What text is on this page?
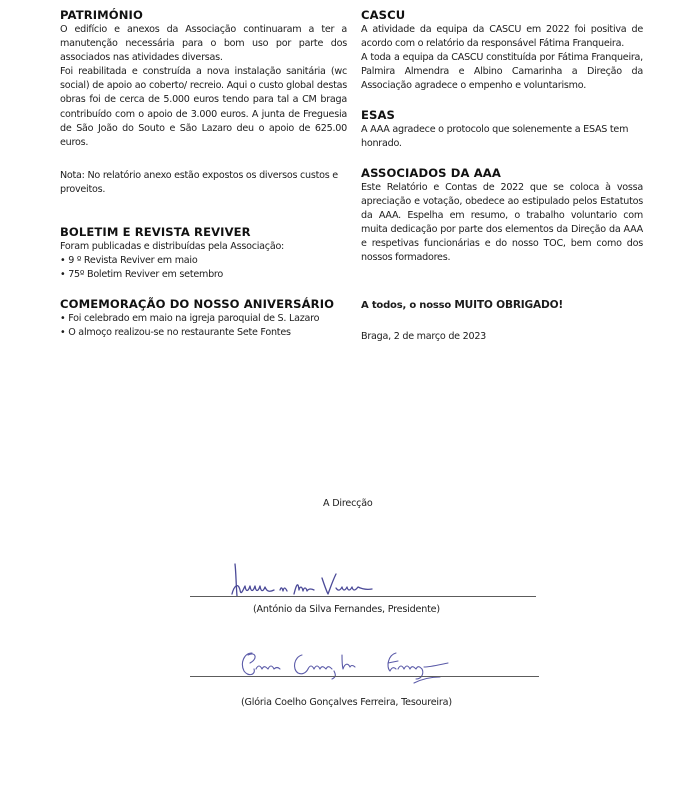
PATRIMÓNIO

O edifício e anexos da Associação continuaram a ter a manutenção necessária para o bom uso por parte dos associados nas atividades diversas.

Foi reabilitada e construída a nova instalação sanitária (wc social) de apoio ao coberto/ recreio. Aqui o custo global destas obras foi de cerca de 5.000 euros tendo para tal a CM braga contribuído com o apoio de 3.000 euros. A junta de Freguesia de São João do Souto e São Lazaro deu o apoio de 625.00 euros.

Nota: No relatório anexo estão expostos os diversos custos e proveitos.

BOLETIM E REVISTA REVIVER

Foram publicadas e distribuídas pela Associação:

• 9 º Revista Reviver em maio
• 75º Boletim Reviver em setembro
COMEMORAÇÃO DO NOSSO ANIVERSÁRIO
• Foi celebrado em maio na igreja paroquial de S. Lazaro
• O almoço realizou-se no restaurante Sete Fontes
CASCU

A atividade da equipa da CASCU em 2022 foi positiva de acordo com o relatório da responsável Fátima Franqueira.

A toda a equipa da CASCU constituída por Fátima Franqueira, Palmira Almendra e Albino Camarinha a Direção da Associação agradece o empenho e voluntarismo.

ESAS

A AAA agradece o protocolo que solenemente a ESAS tem honrado.

ASSOCIADOS DA AAA

Este Relatório e Contas de 2022 que se coloca à vossa apreciação e votação, obedece ao estipulado pelos Estatutos da AAA. Espelha em resumo, o trabalho voluntario com muita dedicação por parte dos elementos da Direção da AAA e respetivas funcionárias e do nosso TOC, bem como dos nossos formadores.

A todos, o nosso MUITO OBRIGADO!

Braga, 2 de março de 2023

A Direcção
(António da Silva Fernandes, Presidente)
(Glória Coelho Gonçalves Ferreira, Tesoureira)
